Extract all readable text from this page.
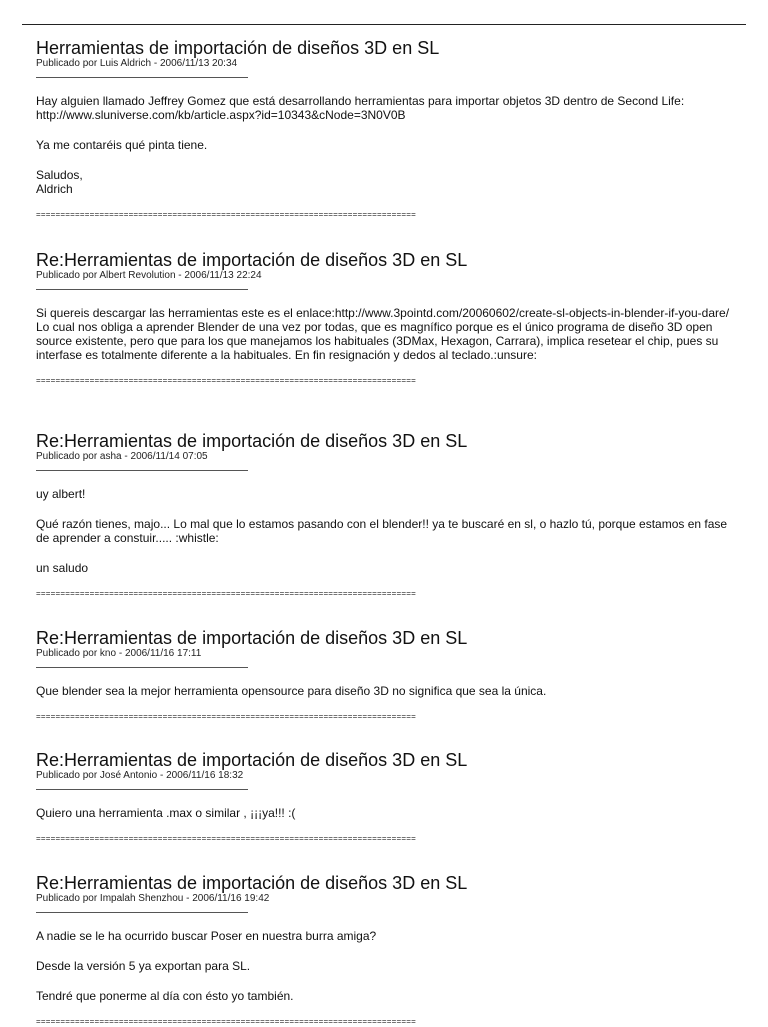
Herramientas de importación de diseños 3D en SL
Publicado por Luis Aldrich - 2006/11/13 20:34

Hay alguien llamado Jeffrey Gomez que está desarrollando herramientas para importar objetos 3D dentro de Second Life: http://www.sluniverse.com/kb/article.aspx?id=10343&cNode=3N0V0B

Ya me contaréis qué pinta tiene.

Saludos,
Aldrich

==============================================================================
Re:Herramientas de importación de diseños 3D en SL
Publicado por Albert Revolution - 2006/11/13 22:24

Si quereis descargar las herramientas este es el enlace:http://www.3pointd.com/20060602/create-sl-objects-in-blender-if-you-dare/
Lo cual nos obliga a aprender Blender de una vez por todas, que es magnífico porque es el único programa de diseño 3D open source existente, pero que para los que manejamos los habituales (3DMax, Hexagon, Carrara), implica resetear el chip, pues su interfase es totalmente diferente a la habituales. En fin resignación y dedos al teclado.:unsure:

==============================================================================
Re:Herramientas de importación de diseños 3D en SL
Publicado por asha - 2006/11/14 07:05

uy albert!

Qué razón tienes, majo... Lo mal que lo estamos pasando con el blender!! ya te buscaré en sl, o hazlo tú, porque estamos en fase de aprender a constuir..... :whistle:

un saludo

==============================================================================
Re:Herramientas de importación de diseños 3D en SL
Publicado por kno - 2006/11/16 17:11

Que blender sea la mejor herramienta opensource para diseño 3D no significa que sea la única.

==============================================================================
Re:Herramientas de importación de diseños 3D en SL
Publicado por José Antonio - 2006/11/16 18:32

Quiero una herramienta .max o similar , ¡¡¡ya!!! :(

==============================================================================
Re:Herramientas de importación de diseños 3D en SL
Publicado por Impalah Shenzhou - 2006/11/16 19:42

A nadie se le ha ocurrido buscar Poser en nuestra burra amiga?

Desde la versión 5 ya exportan para SL.

Tendré que ponerme al día con ésto yo también.

==============================================================================
